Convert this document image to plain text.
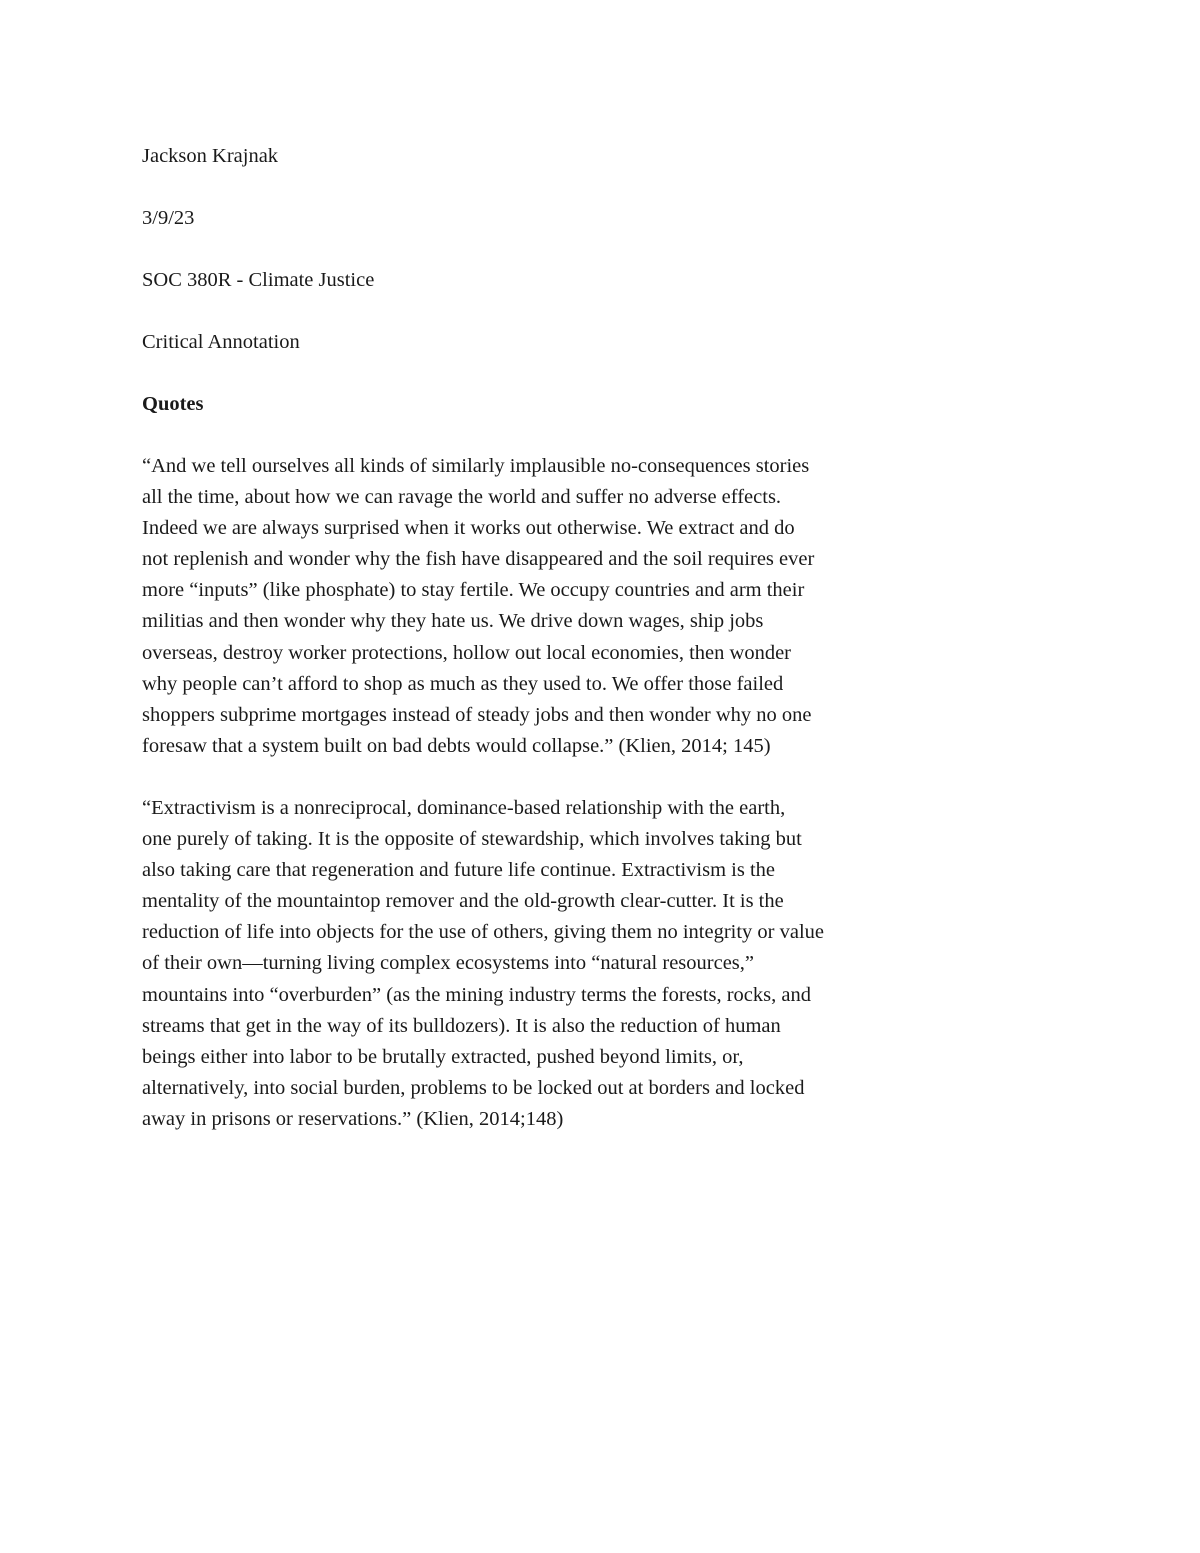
Jackson Krajnak

3/9/23

SOC 380R - Climate Justice

Critical Annotation

Quotes

“And we tell ourselves all kinds of similarly implausible no-consequences stories
all the time, about how we can ravage the world and suffer no adverse effects.
Indeed we are always surprised when it works out otherwise. We extract and do
not replenish and wonder why the fish have disappeared and the soil requires ever
more “inputs” (like phosphate) to stay fertile. We occupy countries and arm their
militias and then wonder why they hate us. We drive down wages, ship jobs
overseas, destroy worker protections, hollow out local economies, then wonder
why people can’t afford to shop as much as they used to. We offer those failed
shoppers subprime mortgages instead of steady jobs and then wonder why no one
foresaw that a system built on bad debts would collapse.” (Klien, 2014; 145)
“Extractivism is a nonreciprocal, dominance-based relationship with the earth,
one purely of taking. It is the opposite of stewardship, which involves taking but
also taking care that regeneration and future life continue. Extractivism is the
mentality of the mountaintop remover and the old-growth clear-cutter. It is the
reduction of life into objects for the use of others, giving them no integrity or value
of their own—turning living complex ecosystems into “natural resources,”
mountains into “overburden” (as the mining industry terms the forests, rocks, and
streams that get in the way of its bulldozers). It is also the reduction of human
beings either into labor to be brutally extracted, pushed beyond limits, or,
alternatively, into social burden, problems to be locked out at borders and locked
away in prisons or reservations.” (Klien, 2014;148)
